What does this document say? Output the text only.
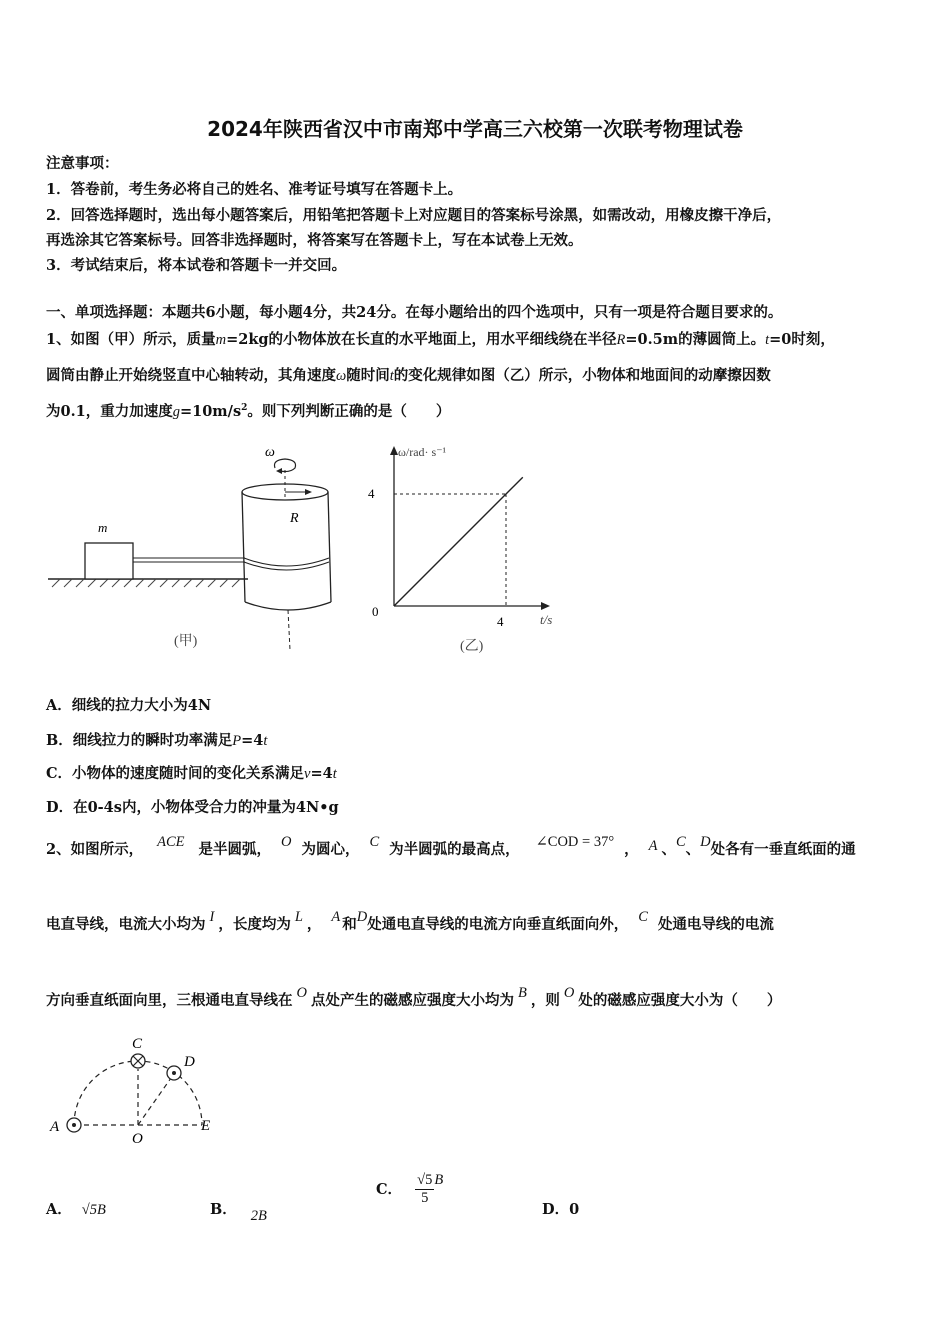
2024年陕西省汉中市南郑中学高三六校第一次联考物理试卷
注意事项：
1．答卷前，考生务必将自己的姓名、准考证号填写在答题卡上。
2．回答选择题时，选出每小题答案后，用铅笔把答题卡上对应题目的答案标号涂黑，如需改动，用橡皮擦干净后，
再选涂其它答案标号。回答非选择题时，将答案写在答题卡上，写在本试卷上无效。
3．考试结束后，将本试卷和答题卡一并交回。
一、单项选择题：本题共6小题，每小题4分，共24分。在每小题给出的四个选项中，只有一项是符合题目要求的。
1、如图（甲）所示，质量m=2kg的小物体放在长直的水平地面上，用水平细线绕在半径R=0.5m的薄圆筒上。t=0时刻，
圆筒由静止开始绕竖直中心轴转动，其角速度ω随时间t的变化规律如图（乙）所示，小物体和地面间的动摩擦因数
为0.1，重力加速度$g=10m/s^2$。则下列判断正确的是（　　）
m
ω
R
(甲)
ω/rad· s⁻¹
t/s
4
4
0
(乙)
A．细线的拉力大小为4N
B．细线拉力的瞬时功率满足P=4t
C．小物体的速度随时间的变化关系满足v=4t
D．在0-4s内，小物体受合力的冲量为4N•g
2、如图所示， ACE 是半圆弧， O 为圆心， C 为半圆弧的最高点， ∠COD = 37° ， A 、C、D处各有一垂直纸面的通
电直导线，电流大小均为 I ，长度均为 L ， A 和D处通电直导线的电流方向垂直纸面向外， C 处通电导线的电流
方向垂直纸面向里，三根通电直导线在 O 点处产生的磁感应强度大小均为 B ，则 O 处的磁感应强度大小为（　　）
A
C
D
O
E
A． √5B	B． 2B
C． $\frac{√5}{5}$ B
D．0
